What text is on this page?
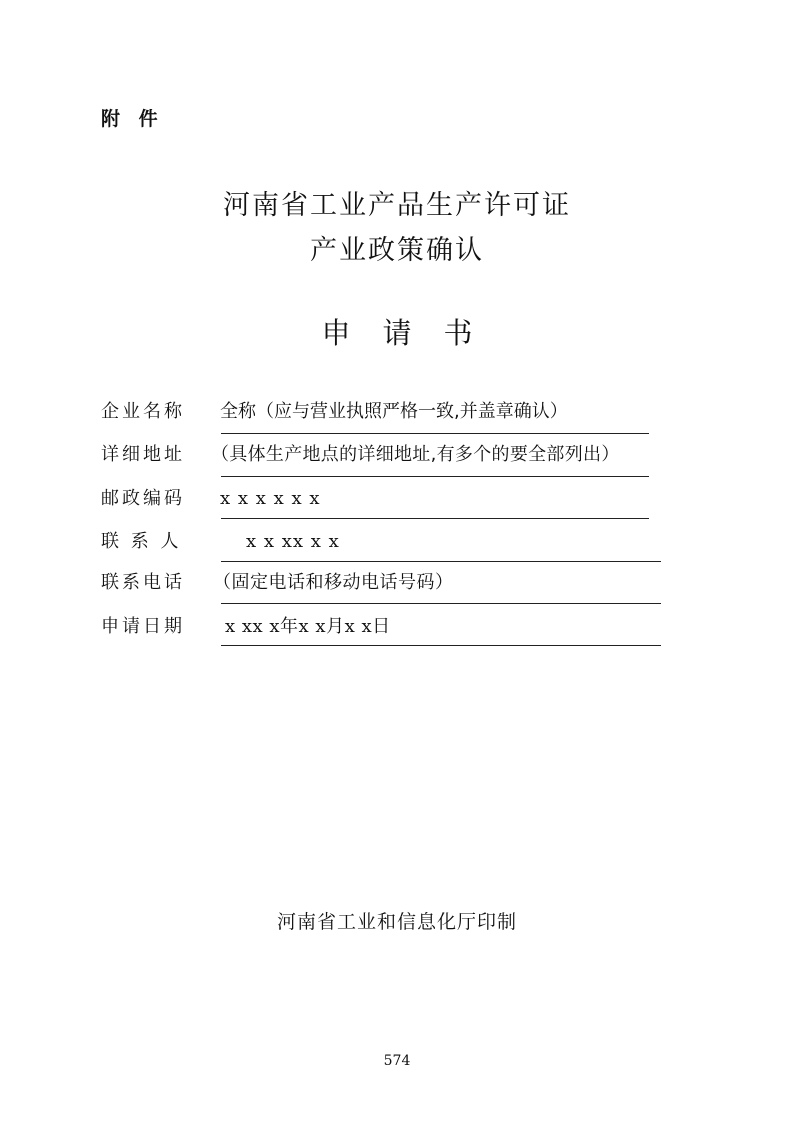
附 件
河南省工业产品生产许可证
产业政策确认
申请书
企业名称 全称（应与营业执照严格一致,并盖章确认）
详细地址 （具体生产地点的详细地址,有多个的要全部列出）
邮政编码 x x x x x x
联 系 人	x x xx x x
联系电话 （固定电话和移动电话号码）
申请日期 x xx x年x x月x x日
河南省工业和信息化厅印制
574
